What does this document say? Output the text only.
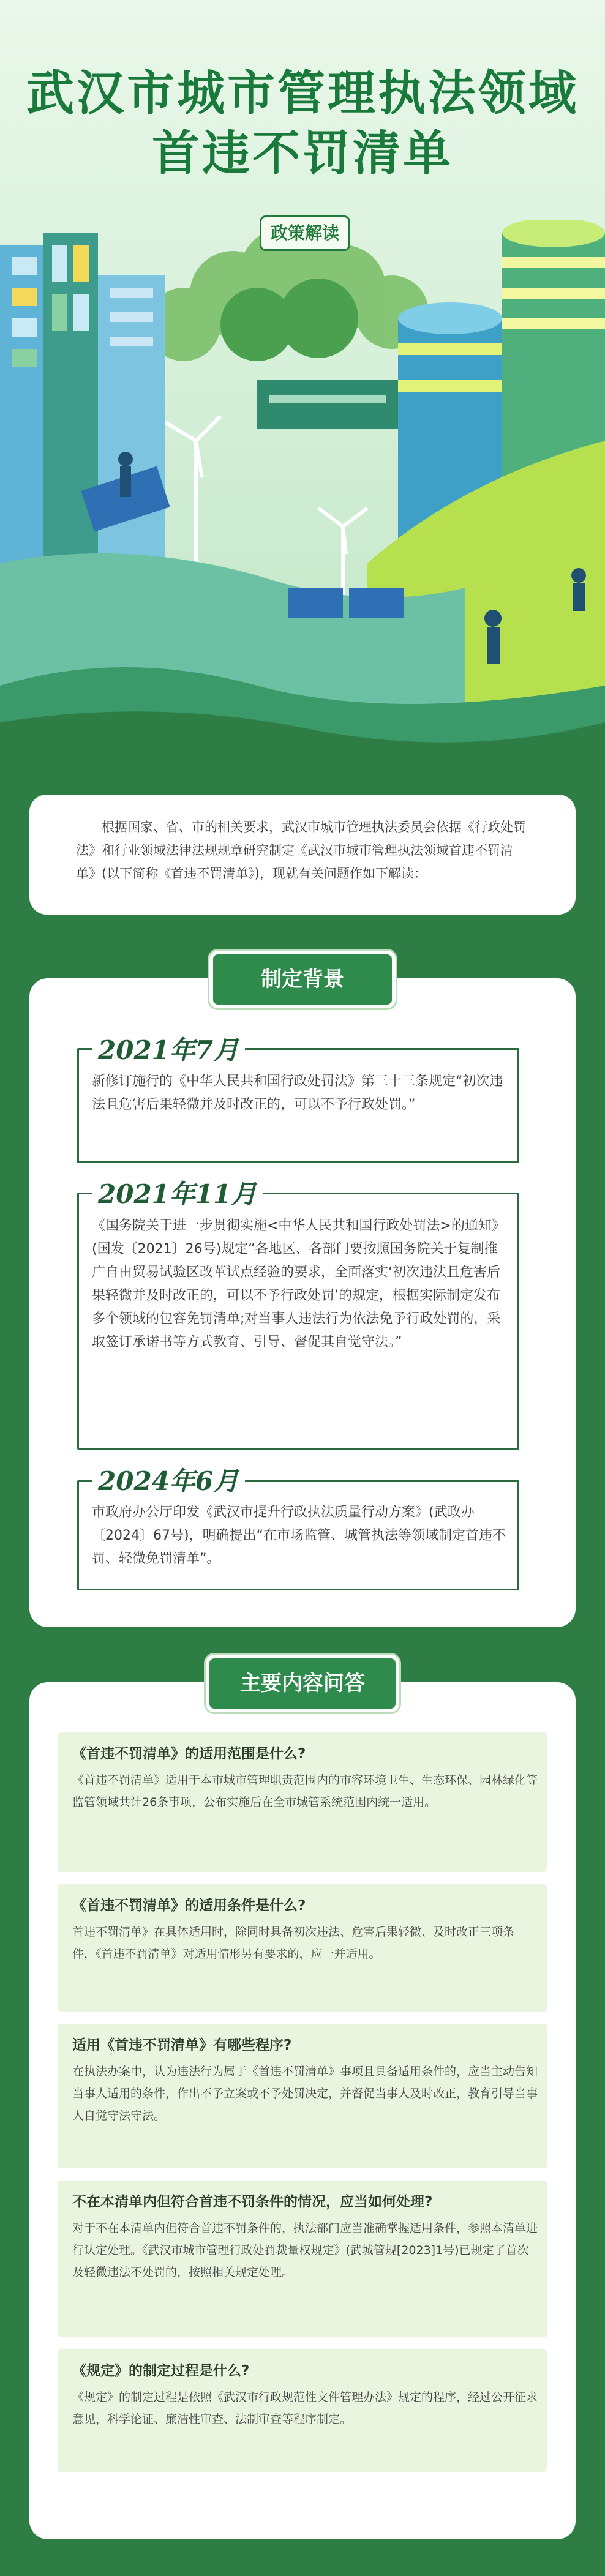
武汉市城市管理执法领域
首违不罚清单
政策解读
根据国家、省、市的相关要求，武汉市城市管理执法委员会依据《行政处罚法》和行业领域法律法规规章研究制定《武汉市城市管理执法领域首违不罚清单》(以下简称《首违不罚清单》)，现就有关问题作如下解读：
制定背景
2021年7月
新修订施行的《中华人民共和国行政处罚法》第三十三条规定“初次违法且危害后果轻微并及时改正的，可以不予行政处罚。”
2021年11月
《国务院关于进一步贯彻实施<中华人民共和国行政处罚法>的通知》(国发〔2021〕26号)规定“各地区、各部门要按照国务院关于复制推广自由贸易试验区改革试点经验的要求，全面落实‘初次违法且危害后果轻微并及时改正的，可以不予行政处罚’的规定，根据实际制定发布多个领域的包容免罚清单;对当事人违法行为依法免予行政处罚的，采取签订承诺书等方式教育、引导、督促其自觉守法。”
2024年6月
市政府办公厅印发《武汉市提升行政执法质量行动方案》(武政办〔2024〕67号)，明确提出“在市场监管、城管执法等领域制定首违不罚、轻微免罚清单”。
主要内容问答
《首违不罚清单》的适用范围是什么?
《首违不罚清单》适用于本市城市管理职责范围内的市容环境卫生、生态环保、园林绿化等监管领域共计26条事项，公布实施后在全市城管系统范围内统一适用。
《首违不罚清单》的适用条件是什么?
首违不罚清单》在具体适用时，除同时具备初次违法、危害后果轻微、及时改正三项条件，《首违不罚清单》对适用情形另有要求的，应一并适用。
适用《首违不罚清单》有哪些程序?
在执法办案中，认为违法行为属于《首违不罚清单》事项且具备适用条件的，应当主动告知当事人适用的条件，作出不予立案或不予处罚决定，并督促当事人及时改正，教育引导当事人自觉守法守法。
不在本清单内但符合首违不罚条件的情况，应当如何处理?
对于不在本清单内但符合首违不罚条件的，执法部门应当准确掌握适用条件，参照本清单进行认定处理。《武汉市城市管理行政处罚裁量权规定》(武城管规[2023]1号)已规定了首次及轻微违法不处罚的，按照相关规定处理。
《规定》的制定过程是什么?
《规定》的制定过程是依照《武汉市行政规范性文件管理办法》规定的程序，经过公开征求意见，科学论证、廉洁性审查、法制审查等程序制定。
